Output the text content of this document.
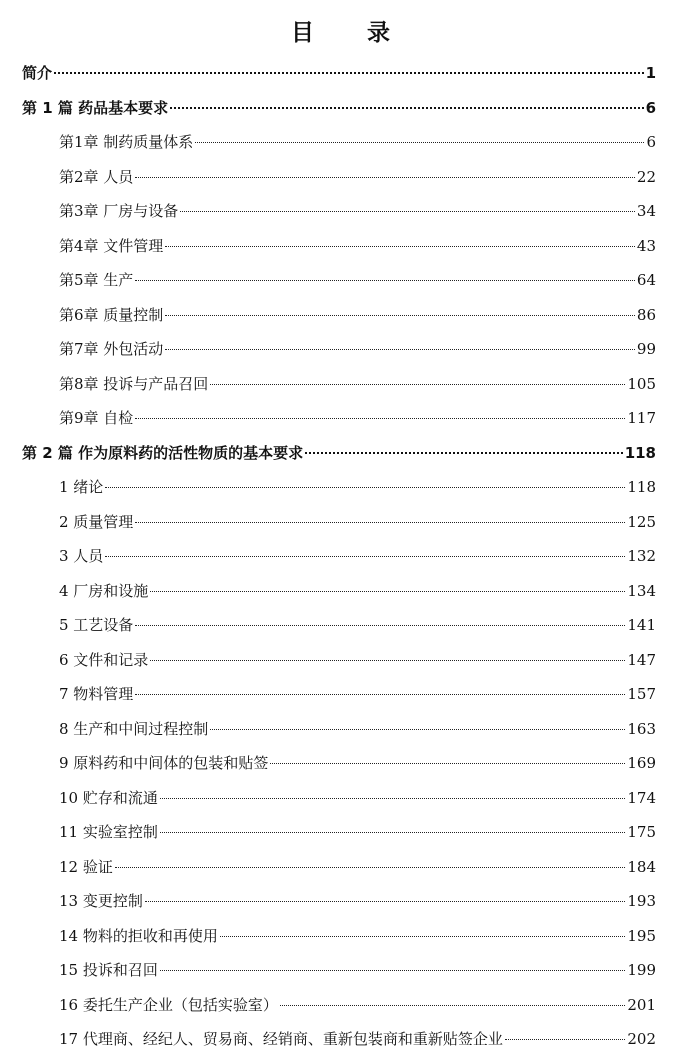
目 录
简介	1
第 1 篇 药品基本要求	6
第1章 制药质量体系	6
第2章 人员	22
第3章 厂房与设备	34
第4章 文件管理	43
第5章 生产	64
第6章 质量控制	86
第7章 外包活动	99
第8章 投诉与产品召回	105
第9章 自检	117
第 2 篇 作为原料药的活性物质的基本要求	118
1 绪论	118
2 质量管理	125
3 人员	132
4 厂房和设施	134
5 工艺设备	141
6 文件和记录	147
7 物料管理	157
8 生产和中间过程控制	163
9 原料药和中间体的包装和贴签	169
10 贮存和流通	174
11 实验室控制	175
12 验证	184
13 变更控制	193
14 物料的拒收和再使用	195
15 投诉和召回	199
16 委托生产企业（包括实验室）	201
17 代理商、经纪人、贸易商、经销商、重新包装商和重新贴签企业	202
